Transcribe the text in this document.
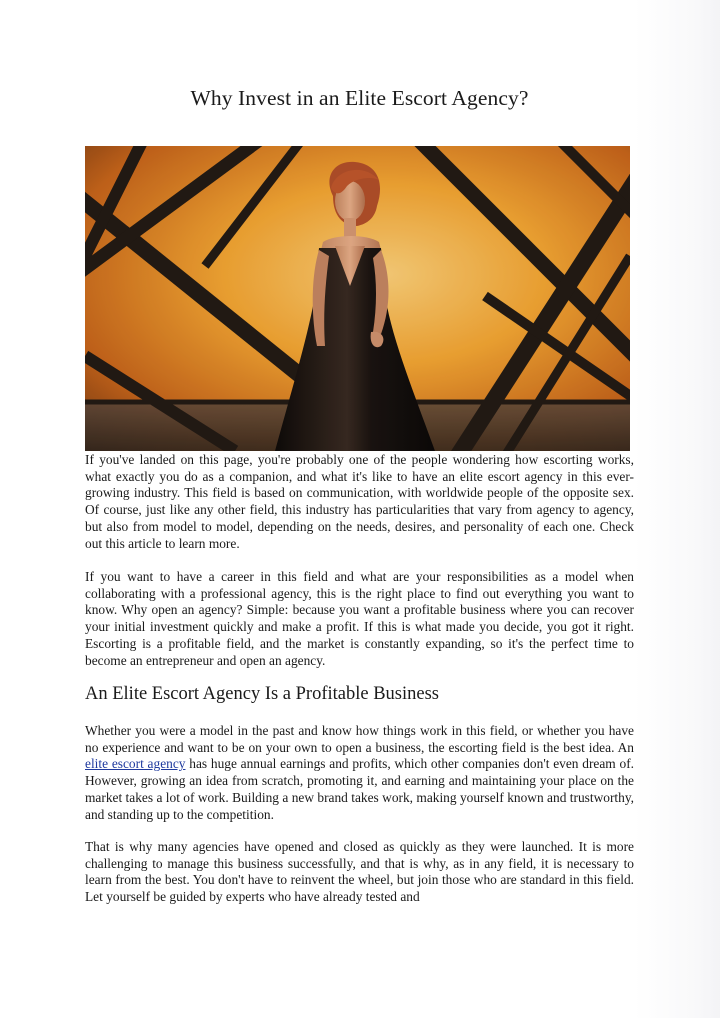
Why Invest in an Elite Escort Agency?

If you've landed on this page, you're probably one of the people wondering how escorting works, what exactly you do as a companion, and what it's like to have an elite escort agency in this ever-growing industry. This field is based on communication, with worldwide people of the opposite sex. Of course, just like any other field, this industry has particularities that vary from agency to agency, but also from model to model, depending on the needs, desires, and personality of each one. Check out this article to learn more.

If you want to have a career in this field and what are your responsibilities as a model when collaborating with a professional agency, this is the right place to find out everything you want to know. Why open an agency? Simple: because you want a profitable business where you can recover your initial investment quickly and make a profit. If this is what made you decide, you got it right. Escorting is a profitable field, and the market is constantly expanding, so it's the perfect time to become an entrepreneur and open an agency.

An Elite Escort Agency Is a Profitable Business

Whether you were a model in the past and know how things work in this field, or whether you have no experience and want to be on your own to open a business, the escorting field is the best idea. An elite escort agency has huge annual earnings and profits, which other companies don't even dream of. However, growing an idea from scratch, promoting it, and earning and maintaining your place on the market takes a lot of work. Building a new brand takes work, making yourself known and trustworthy, and standing up to the competition.

That is why many agencies have opened and closed as quickly as they were launched. It is more challenging to manage this business successfully, and that is why, as in any field, it is necessary to learn from the best. You don't have to reinvent the wheel, but join those who are standard in this field. Let yourself be guided by experts who have already tested and
